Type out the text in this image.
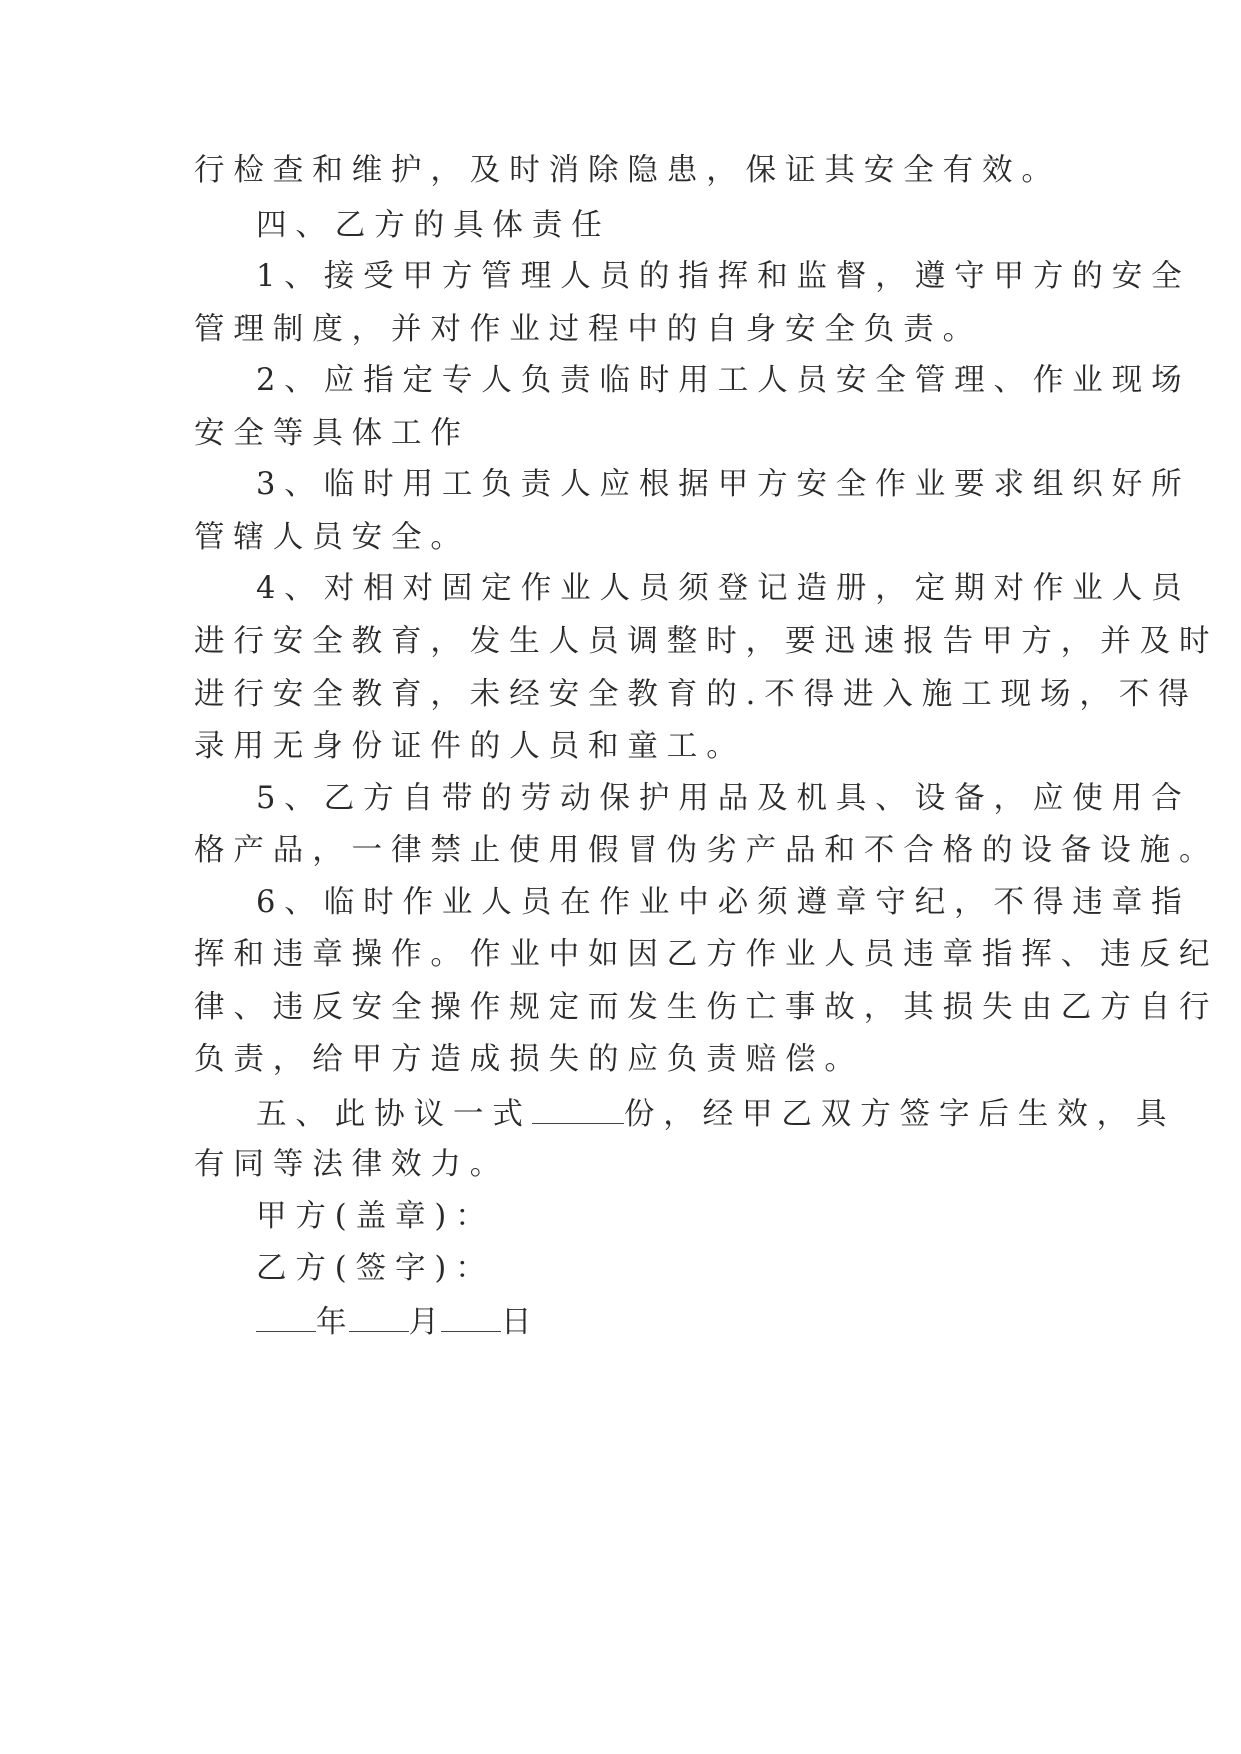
行检查和维护，及时消除隐患，保证其安全有效。
四、乙方的具体责任
1、接受甲方管理人员的指挥和监督，遵守甲方的安全
管理制度，并对作业过程中的自身安全负责。
2、应指定专人负责临时用工人员安全管理、作业现场
安全等具体工作
3、临时用工负责人应根据甲方安全作业要求组织好所
管辖人员安全。
4、对相对固定作业人员须登记造册，定期对作业人员
进行安全教育，发生人员调整时，要迅速报告甲方，并及时
进行安全教育，未经安全教育的.不得进入施工现场，不得
录用无身份证件的人员和童工。
5、乙方自带的劳动保护用品及机具、设备，应使用合
格产品，一律禁止使用假冒伪劣产品和不合格的设备设施。
6、临时作业人员在作业中必须遵章守纪，不得违章指
挥和违章操作。作业中如因乙方作业人员违章指挥、违反纪
律、违反安全操作规定而发生伤亡事故，其损失由乙方自行
负责，给甲方造成损失的应负责赔偿。
五、此协议一式	份，经甲乙双方签字后生效，具
有同等法律效力。
甲方(盖章)：
乙方(签字)：
年 月 日
